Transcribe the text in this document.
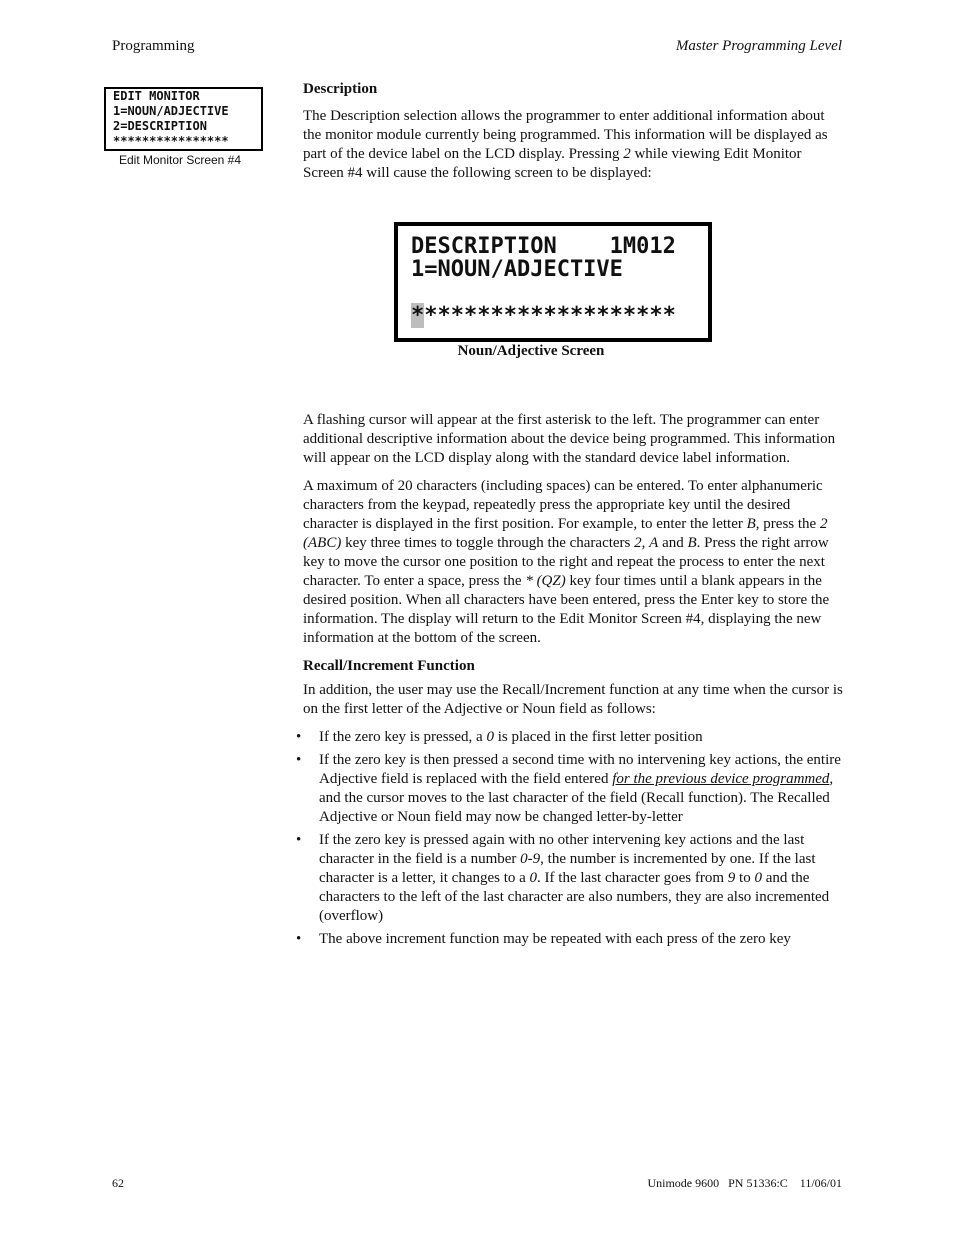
Programming	Master Programming Level
EDIT MONITOR
1=NOUN/ADJECTIVE
2=DESCRIPTION
****************
Edit Monitor Screen #4
Description

The Description selection allows the programmer to enter additional information about the monitor module currently being programmed. This information will be displayed as part of the device label on the LCD display. Pressing 2 while viewing Edit Monitor Screen #4 will cause the following screen to be displayed:

DESCRIPTION    1M012
1=NOUN/ADJECTIVE
********************
Noun/Adjective Screen

A flashing cursor will appear at the first asterisk to the left. The programmer can enter additional descriptive information about the device being programmed. This information will appear on the LCD display along with the standard device label information.

A maximum of 20 characters (including spaces) can be entered. To enter alphanumeric characters from the keypad, repeatedly press the appropriate key until the desired character is displayed in the first position. For example, to enter the letter B, press the 2 (ABC) key three times to toggle through the characters 2, A and B. Press the right arrow key to move the cursor one position to the right and repeat the process to enter the next character. To enter a space, press the * (QZ) key four times until a blank appears in the desired position. When all characters have been entered, press the Enter key to store the information. The display will return to the Edit Monitor Screen #4, displaying the new information at the bottom of the screen.

Recall/Increment Function

In addition, the user may use the Recall/Increment function at any time when the cursor is on the first letter of the Adjective or Noun field as follows:

• If the zero key is pressed, a 0 is placed in the first letter position
• If the zero key is then pressed a second time with no intervening key actions, the entire Adjective field is replaced with the field entered for the previous device programmed, and the cursor moves to the last character of the field (Recall function). The Recalled Adjective or Noun field may now be changed letter-by-letter
• If the zero key is pressed again with no other intervening key actions and the last character in the field is a number 0-9, the number is incremented by one. If the last character is a letter, it changes to a 0. If the last character goes from 9 to 0 and the characters to the left of the last character are also numbers, they are also incremented (overflow)
• The above increment function may be repeated with each press of the zero key
62	Unimode 9600   PN 51336:C    11/06/01
